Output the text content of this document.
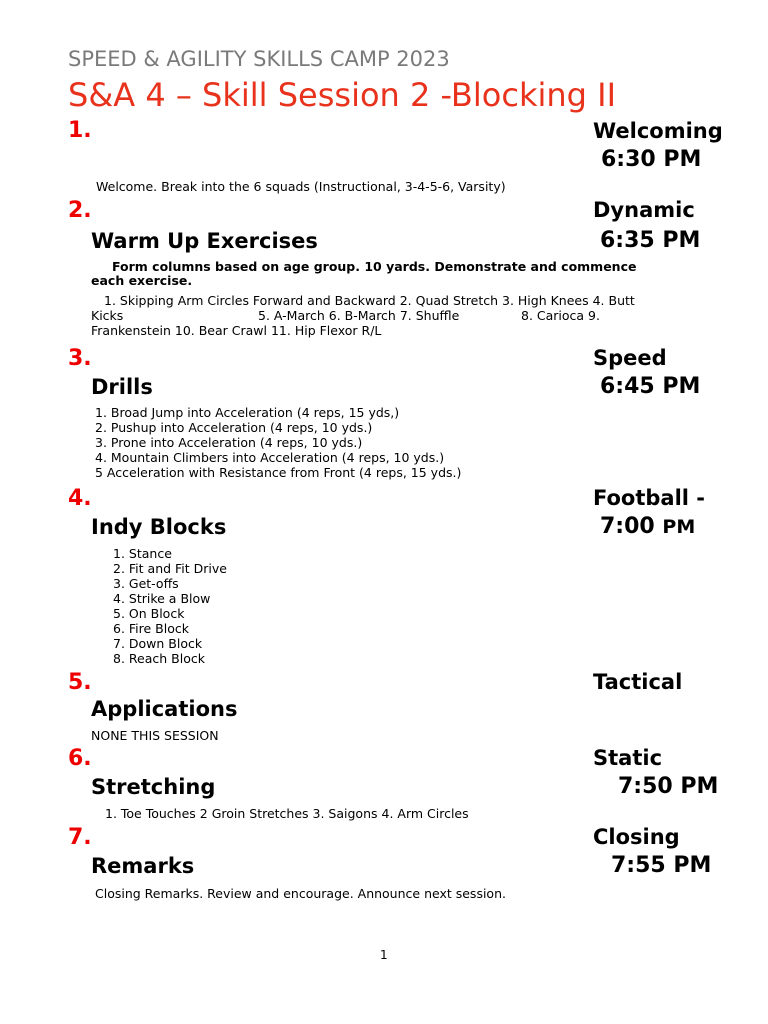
SPEED & AGILITY SKILLS CAMP 2023
S&A 4 – Skill Session 2 -Blocking II
1.	Welcoming
6:30 PM
Welcome. Break into the 6 squads (Instructional, 3-4-5-6, Varsity)
2.	Dynamic
Warm Up Exercises	6:35 PM
Form columns based on age group. 10 yards. Demonstrate and commence
each exercise.
1. Skipping Arm Circles Forward and Backward 2. Quad Stretch 3. High Knees 4. Butt
Kicks	5. A-March 6. B-March 7. Shuffle	8. Carioca 9.
Frankenstein 10. Bear Crawl 11. Hip Flexor R/L
3.	Speed
Drills	6:45 PM
1. Broad Jump into Acceleration (4 reps, 15 yds,)
2. Pushup into Acceleration (4 reps, 10 yds.)
3. Prone into Acceleration (4 reps, 10 yds.)
4. Mountain Climbers into Acceleration (4 reps, 10 yds.)
5 Acceleration with Resistance from Front (4 reps, 15 yds.)
4.	Football -
Indy Blocks	7:00 PM
1. Stance
2. Fit and Fit Drive
3. Get-offs
4. Strike a Blow
5. On Block
6. Fire Block
7. Down Block
8. Reach Block
5.	Tactical
Applications
NONE THIS SESSION
6.	Static
Stretching	7:50 PM
1. Toe Touches 2 Groin Stretches 3. Saigons 4. Arm Circles
7.	Closing
Remarks	7:55 PM
Closing Remarks. Review and encourage. Announce next session.
1
